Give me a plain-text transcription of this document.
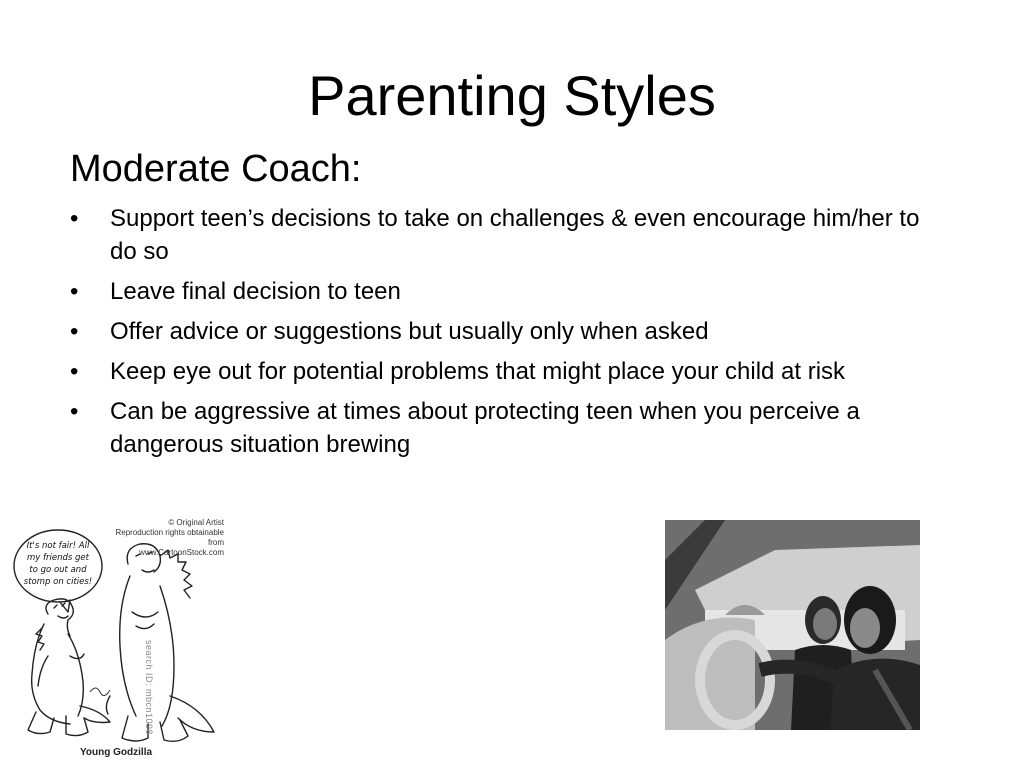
Parenting Styles
Moderate Coach:
•	Support teen’s decisions to take on challenges & even encourage him/her to do so
•	Leave final decision to teen
•	Offer advice or suggestions but usually only when asked
•	Keep eye out for potential problems that might place your child at risk
•	Can be aggressive at times about protecting teen when you perceive a dangerous situation brewing
© Original Artist
Reproduction rights obtainable from
www.CartoonStock.com
It's not fair! All my friends get to go out and stomp on cities!
search ID: mbcn1098
Young Godzilla
